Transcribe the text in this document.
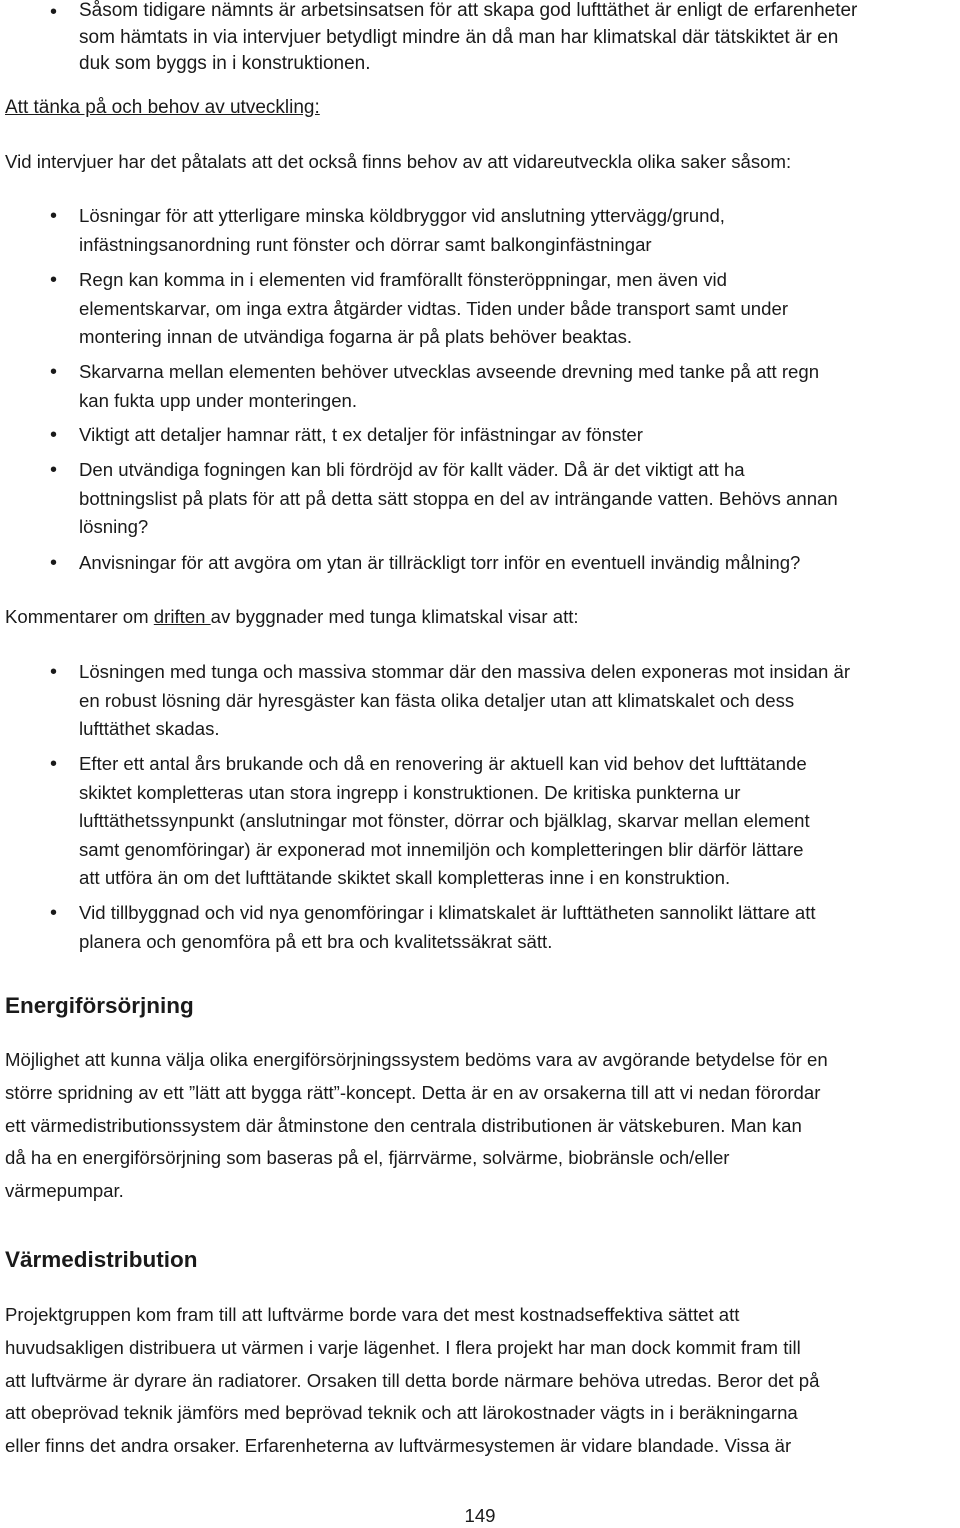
• Såsom tidigare nämnts är arbetsinsatsen för att skapa god lufttäthet är enligt de erfarenheter

som hämtats in via intervjuer betydligt mindre än då man har klimatskal där tätskiktet är en

duk som byggs in i konstruktionen.

Att tänka på och behov av utveckling:
Vid intervjuer har det påtalats att det också finns behov av att vidareutveckla olika saker såsom:
• Lösningar för att ytterligare minska köldbryggor vid anslutning yttervägg/grund,

infästningsanordning runt fönster och dörrar samt balkonginfästningar

• Regn kan komma in i elementen vid framförallt fönsteröppningar, men även vid

elementskarvar, om inga extra åtgärder vidtas. Tiden under både transport samt under

montering innan de utvändiga fogarna är på plats behöver beaktas.

• Skarvarna mellan elementen behöver utvecklas avseende drevning med tanke på att regn

kan fukta upp under monteringen.

• Viktigt att detaljer hamnar rätt, t ex detaljer för infästningar av fönster

• Den utvändiga fogningen kan bli fördröjd av för kallt väder. Då är det viktigt att ha

bottningslist på plats för att på detta sätt stoppa en del av inträngande vatten. Behövs annan

lösning?

• Anvisningar för att avgöra om ytan är tillräckligt torr inför en eventuell invändig målning?

Kommentarer om driften av byggnader med tunga klimatskal visar att:
• Lösningen med tunga och massiva stommar där den massiva delen exponeras mot insidan är

en robust lösning där hyresgäster kan fästa olika detaljer utan att klimatskalet och dess

lufttäthet skadas.

• Efter ett antal års brukande och då en renovering är aktuell kan vid behov det lufttätande

skiktet kompletteras utan stora ingrepp i konstruktionen. De kritiska punkterna ur

lufttäthetssynpunkt (anslutningar mot fönster, dörrar och bjälklag, skarvar mellan element

samt genomföringar) är exponerad mot innemiljön och kompletteringen blir därför lättare

att utföra än om det lufttätande skiktet skall kompletteras inne i en konstruktion.

• Vid tillbyggnad och vid nya genomföringar i klimatskalet är lufttätheten sannolikt lättare att

planera och genomföra på ett bra och kvalitetssäkrat sätt.

Energiförsörjning

Möjlighet att kunna välja olika energiförsörjningssystem bedöms vara av avgörande betydelse för en

större spridning av ett ”lätt att bygga rätt”-koncept. Detta är en av orsakerna till att vi nedan förordar

ett värmedistributionssystem där åtminstone den centrala distributionen är vätskeburen. Man kan

då ha en energiförsörjning som baseras på el, fjärrvärme, solvärme, biobränsle och/eller

värmepumpar.

Värmedistribution

Projektgruppen kom fram till att luftvärme borde vara det mest kostnadseffektiva sättet att

huvudsakligen distribuera ut värmen i varje lägenhet. I flera projekt har man dock kommit fram till

att luftvärme är dyrare än radiatorer. Orsaken till detta borde närmare behöva utredas. Beror det på

att obeprövad teknik jämförs med beprövad teknik och att lärokostnader vägts in i beräkningarna

eller finns det andra orsaker. Erfarenheterna av luftvärmesystemen är vidare blandade. Vissa är

149
